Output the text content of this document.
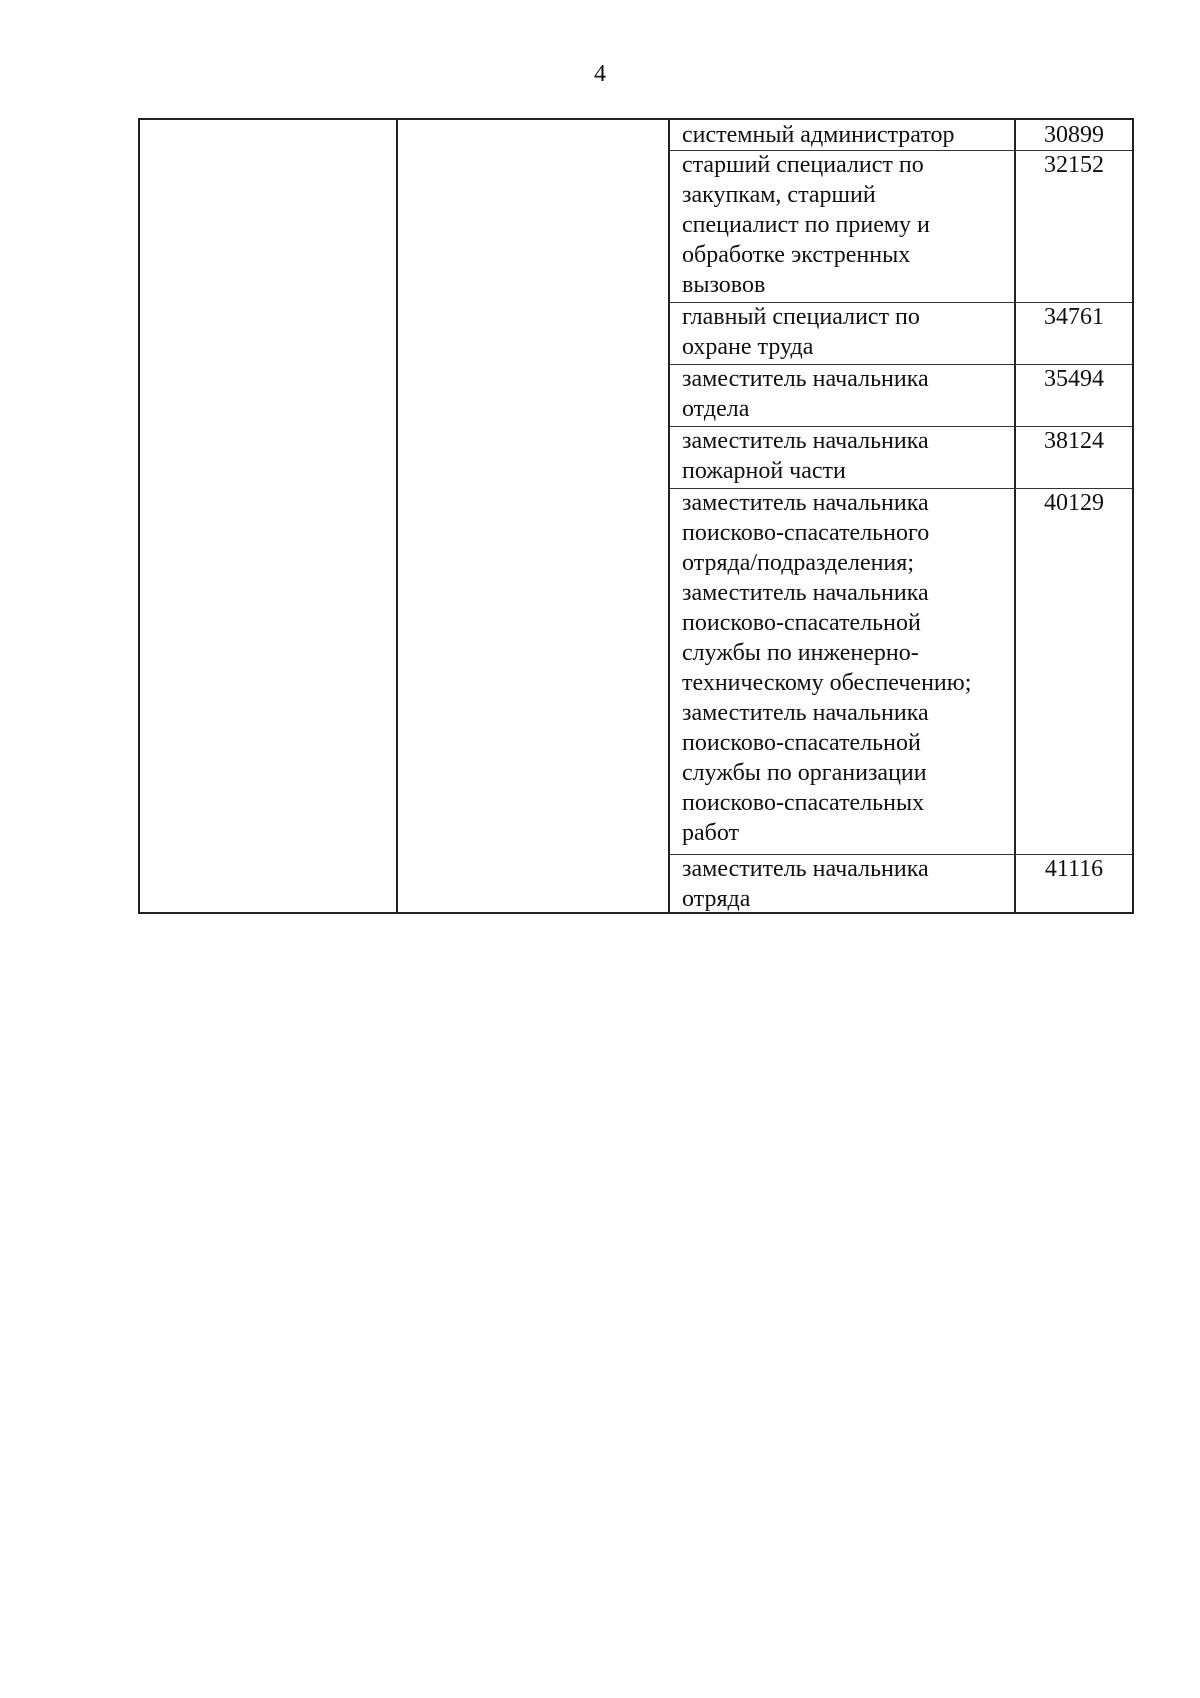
4
системный администратор	30899
старший специалист по
закупкам, старший
специалист по приему и
обработке экстренных
вызовов
32152
главный специалист по
охране труда
34761
заместитель начальника
отдела
35494
заместитель начальника
пожарной части
38124
заместитель начальника
поисково-спасательного
отряда/подразделения;
заместитель начальника
поисково-спасательной
службы по инженерно-
техническому обеспечению;
заместитель начальника
поисково-спасательной
службы по организации
поисково-спасательных
работ
40129
заместитель начальника
отряда
41116
